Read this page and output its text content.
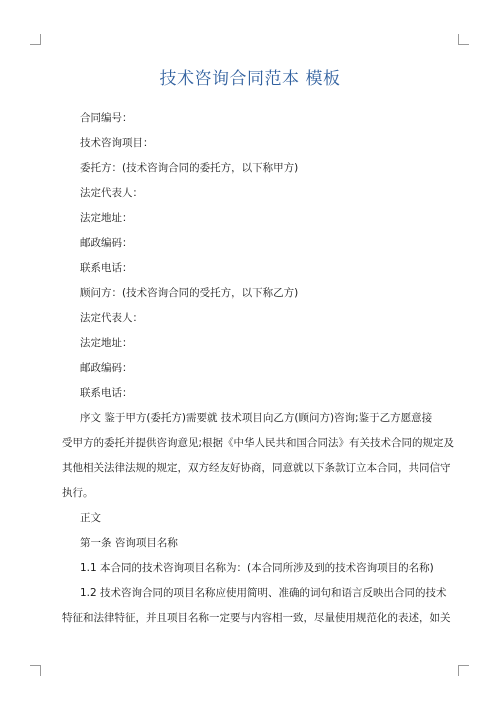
技术咨询合同范本 模板

合同编号：

技术咨询项目：

委托方：(技术咨询合同的委托方，以下称甲方)

法定代表人：

法定地址：

邮政编码：

联系电话：

顾问方：(技术咨询合同的受托方，以下称乙方)

法定代表人：

法定地址：

邮政编码：

联系电话：

序文 鉴于甲方(委托方)需要就 技术项目向乙方(顾问方)咨询;鉴于乙方愿意接
受甲方的委托并提供咨询意见;根据《中华人民共和国合同法》有关技术合同的规定及
其他相关法律法规的规定，双方经友好协商，同意就以下条款订立本合同，共同信守
执行。

正文

第一条 咨询项目名称

1.1 本合同的技术咨询项目名称为：(本合同所涉及到的技术咨询项目的名称)

1.2 技术咨询合同的项目名称应使用简明、准确的词句和语言反映出合同的技术
特征和法律特征，并且项目名称一定要与内容相一致，尽量使用规范化的表述，如关
